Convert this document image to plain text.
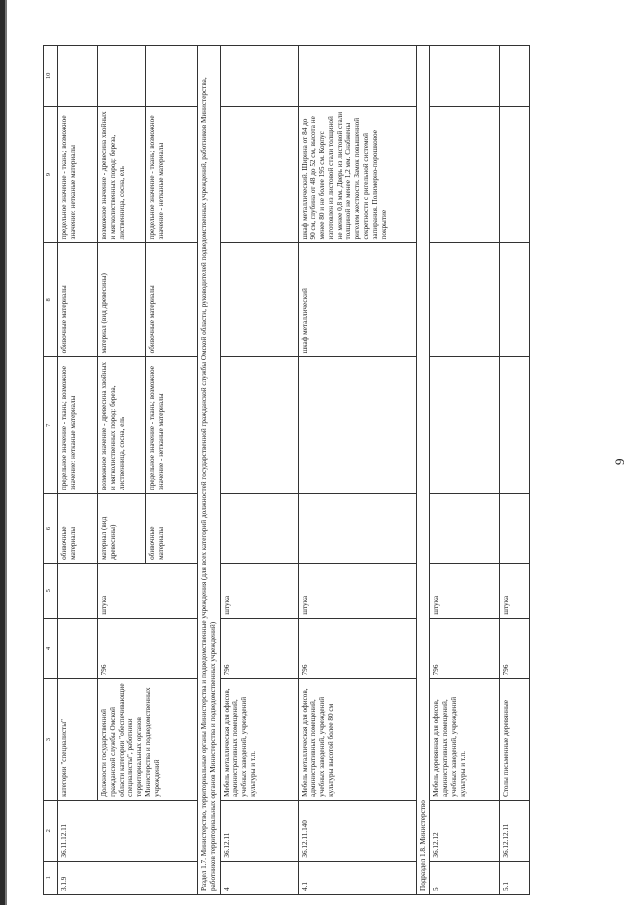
9
1	2	3	4	5	6	7	8	9	10
3.1.9	36.11.12.11	категории "специалисты"			обивочные материалы	предельное значение - ткань; возможное значение: нетканые материалы	обивочные материалы	предельное значение - ткань; возможное значение: нетканые материалы	
		Должности государственной гражданской службы Омской области категории "обеспечивающие специалисты", работники территориальных органов Министерства и подведомственных учреждений	796	штука	материал (вид древесины)	возможное значение - древесина хвойных и мягколиственных пород: береза, лиственница, сосна, ель	материал (вид древесины)	возможное значение - древесина хвойных и мягколиственных пород: береза, лиственница, сосна, ель	
					обивочные материалы	предельное значение - ткань; возможное значение - нетканые материалы	обивочные материалы	предельное значение - ткань; возможное значение - нетканые материалы	
Раздел 1.7. Министерство, территориальные органы Министерства и подведомственные учреждения (для всех категорий должностей государственной гражданской службы Омской области, руководителей подведомственных учреждений, работников Министерства, работников территориальных органов Министерства и подведомственных учреждений)									
4	36.12.11	Мебель металлическая для офисов, административных помещений, учебных заведений, учреждений культуры и т.п.	796	штука					
4.1	36.12.11.140	Мебель металлическая для офисов, административных помещений, учебных заведений, учреждений культуры высотой более 80 см	796	штука			шкаф металлический	шкаф металлический. Ширина от 84 до 90 см, глубина от 48 до 52 см, высота не менее 80 и не более 195 см. Корпус изготовлен из листовой стали толщиной не менее 0,8 мм. Дверь из листовой стали толщиной не менее 1,2 мм. Снабжены ригелем жесткости. Замок повышенной секретности с ригельной системой запирания. Полимерно-порошковое покрытие	
Подраздел 1.8. Министерство									
5	36.12.12	Мебель деревянная для офисов, административных помещений, учебных заведений, учреждений культуры и т.п.	796	штука					
5.1	36.12.12.11	Столы письменные деревянные	796	штука					
